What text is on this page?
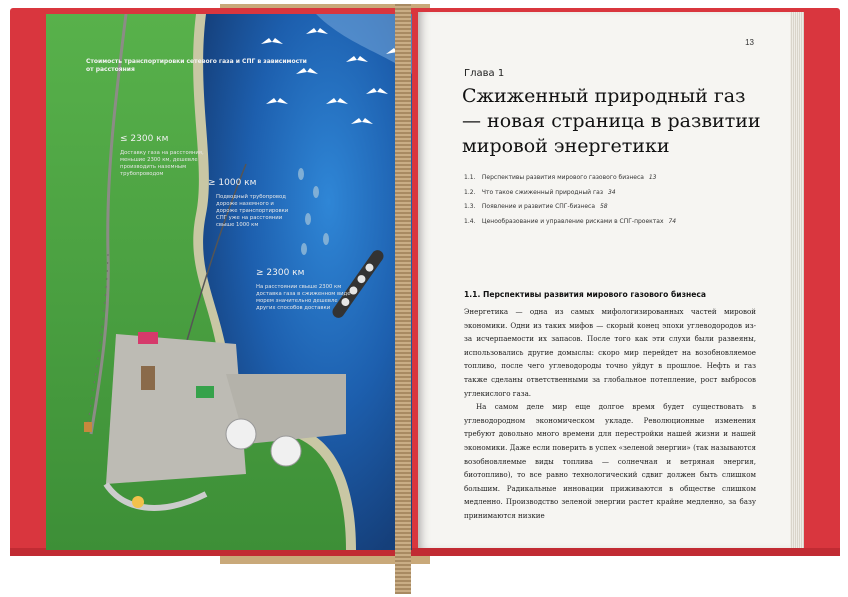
Стоимость транспортировки сетевого газа и СПГ в зависимости от расстояния
≤ 2300 км
Доставку газа на расстояния, меньшие 2300 км, дешевле производить наземным трубопроводом
≥ 1000 км
Подводный трубопровод дороже наземного и дороже транспортировки СПГ уже на расстоянии свыше 1000 км
≥ 2300 км
На расстоянии свыше 2300 км доставка газа в сжиженном виде морем значительно дешевле других способов доставки
13
Глава 1
Сжиженный природный газ — новая страница в развитии мировой энергетики
1.1. Перспективы развития мирового газового бизнеса 13
1.2. Что такое сжиженный природный газ 34
1.3. Появление и развитие СПГ-бизнеса 58
1.4. Ценообразование и управление рисками в СПГ-проектах 74
1.1. Перспективы развития мирового газового бизнеса

Энергетика — одна из самых мифологизированных частей мировой экономики. Одни из таких мифов — скорый конец эпохи углеводородов из-за исчерпаемости их запасов. После того как эти слухи были развеяны, использовались другие домыслы: скоро мир перейдет на возобновляемое топливо, после чего углеводороды точно уйдут в прошлое. Нефть и газ также сделаны ответственными за глобальное потепление, рост выбросов углекислого газа.

На самом деле мир еще долгое время будет существовать в углеводородном экономическом укладе. Революционные изменения требуют довольно много времени для перестройки нашей жизни и нашей экономики. Даже если поверить в успех «зеленой энергии» (так называются возобновляемые виды топлива — солнечная и ветряная энергия, биотопливо), то все равно технологический сдвиг должен быть слишком большим. Радикальные инновации приживаются в обществе слишком медленно. Производство зеленой энергии растет крайне медленно, за базу принимаются низкие
